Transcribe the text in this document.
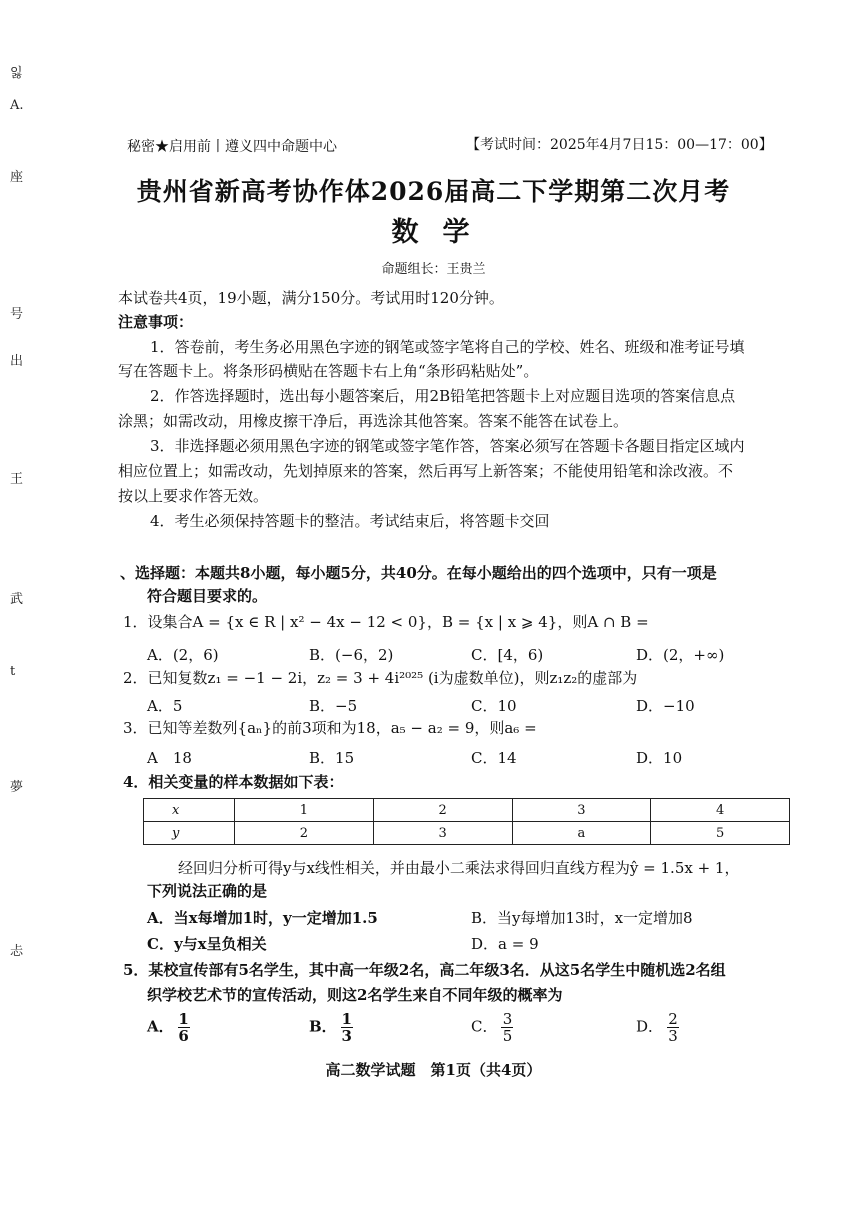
잃
A.
座
号
出
王
武
t
夢
忐
秘密★启用前丨遵义四中命题中心	【考试时间：2025年4月7日15：00—17：00】
贵州省新高考协作体2026届高二下学期第二次月考
数学
命题组长：王贵兰
本试卷共4页，19小题，满分150分。考试用时120分钟。
注意事项：
1．答卷前，考生务必用黑色字迹的钢笔或签字笔将自己的学校、姓名、班级和准考证号填
写在答题卡上。将条形码横贴在答题卡右上角“条形码粘贴处”。
2．作答选择题时，选出每小题答案后，用2B铅笔把答题卡上对应题目选项的答案信息点
涂黑；如需改动，用橡皮擦干净后，再选涂其他答案。答案不能答在试卷上。
3．非选择题必须用黑色字迹的钢笔或签字笔作答，答案必须写在答题卡各题目指定区域内
相应位置上；如需改动，先划掉原来的答案，然后再写上新答案；不能使用铅笔和涂改液。不
按以上要求作答无效。
4．考生必须保持答题卡的整洁。考试结束后，将答题卡交回
、选择题：本题共8小题，每小题5分，共40分。在每小题给出的四个选项中，只有一项是
符合题目要求的。
1．设集合A = {x ∈ R | x² − 4x − 12 < 0}，B = {x | x ⩾ 4}，则A ∩ B =
A．(2，6)	B．(−6，2)	C．[4，6)	D．(2，+∞)
2．已知复数z₁ = −1 − 2i，z₂ = 3 + 4i²⁰²⁵ (i为虚数单位)，则z₁z₂的虚部为
A．5	B．−5	C．10	D．−10
3．已知等差数列{aₙ}的前3项和为18，a₅ − a₂ = 9，则a₆ =
A　18	B．15	C．14	D．10
4．相关变量的样本数据如下表：
x	1	2	3	4
y	2	3	a	5
经回归分析可得y与x线性相关，并由最小二乘法求得回归直线方程为ŷ = 1.5x + 1，
下列说法正确的是
A．当x每增加1时，y一定增加1.5	B．当y每增加13时，x一定增加8
C．y与x呈负相关	D．a = 9
5．某校宣传部有5名学生，其中高一年级2名，高二年级3名．从这5名学生中随机选2名组
织学校艺术节的宣传活动，则这2名学生来自不同年级的概率为
A． $\frac{1}{6}$	B． $\frac{1}{3}$	C． $\frac{3}{5}$	D． $\frac{2}{3}$
高二数学试题　第1页（共4页）
